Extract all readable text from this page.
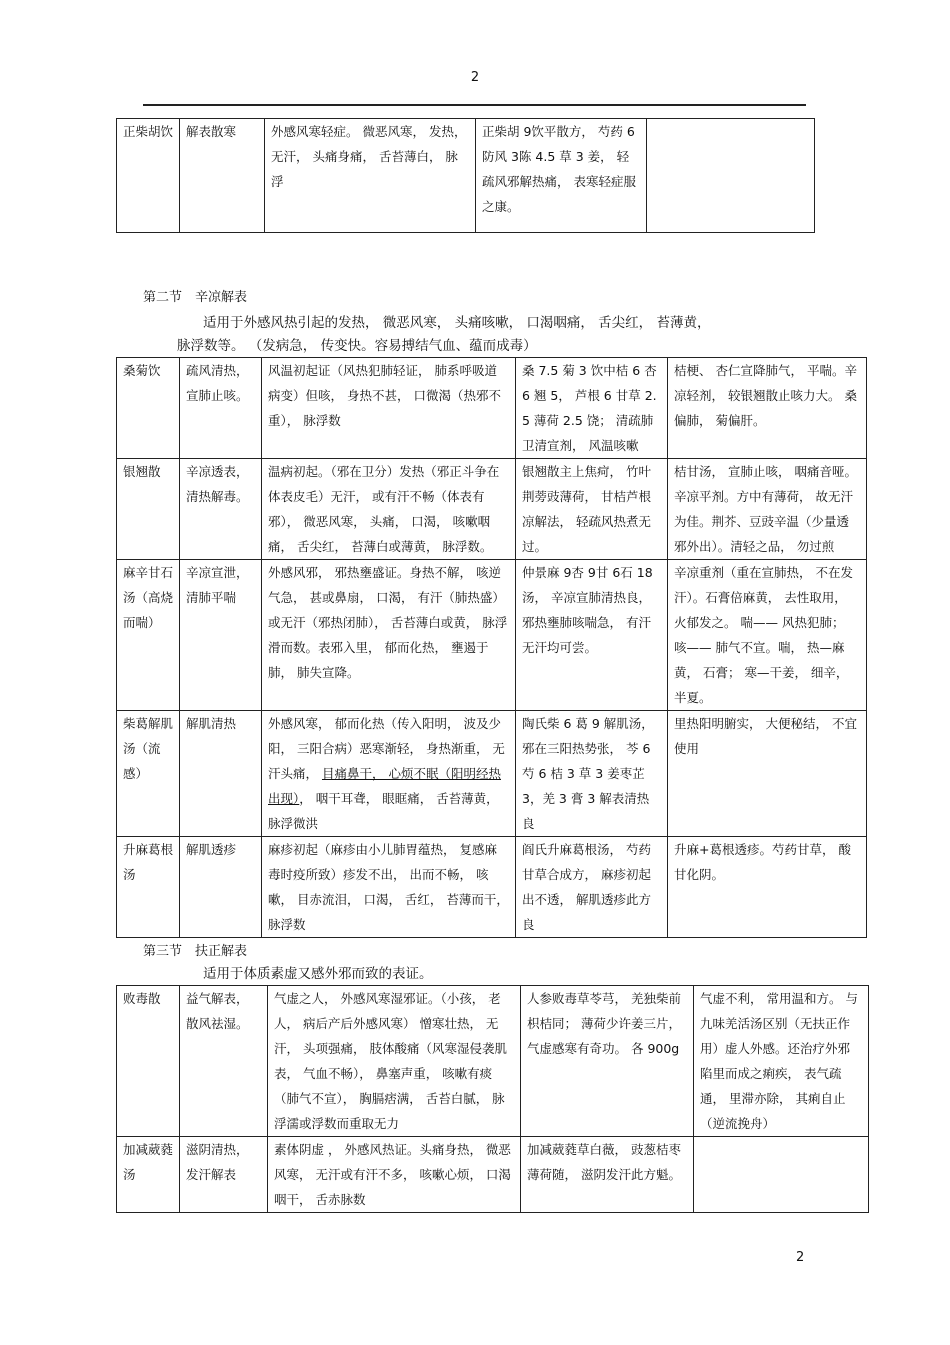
2
正柴胡饮	解表散寒	外感风寒轻症。 微恶风寒， 发热， 无汗， 头痛身痛， 舌苔薄白， 脉浮	正柴胡 9饮平散方， 芍药 6防风 3陈 4.5 草 3 姜， 轻疏风邪解热痛， 表寒轻症服之康。	
第二节　辛凉解表
适用于外感风热引起的发热， 微恶风寒， 头痛咳嗽， 口渴咽痛， 舌尖红， 苔薄黄，
脉浮数等。 （发病急， 传变快。容易搏结气血、蕴而成毒）
桑菊饮	疏风清热， 宣肺止咳。	风温初起证（风热犯肺轻证， 肺系呼吸道病变）但咳， 身热不甚， 口微渴（热邪不重）， 脉浮数	桑 7.5 菊 3 饮中桔 6 杏 6 翘 5， 芦根 6 甘草 2.5 薄荷 2.5 饶； 清疏肺卫清宣剂， 风温咳嗽	桔梗、 杏仁宣降肺气， 平喘。辛凉轻剂， 较银翘散止咳力大。 桑偏肺， 菊偏肝。
银翘散	辛凉透表， 清热解毒。	温病初起。（邪在卫分）发热（邪正斗争在体表皮毛）无汗， 或有汗不畅（体表有邪）， 微恶风寒， 头痛， 口渴， 咳嗽咽痛， 舌尖红， 苔薄白或薄黄， 脉浮数。	银翘散主上焦疴， 竹叶荆蒡豉薄荷， 甘桔芦根凉解法， 轻疏风热煮无过。	桔甘汤， 宣肺止咳， 咽痛音哑。辛凉平剂。方中有薄荷， 故无汗为佳。荆芥、豆豉辛温（少量透邪外出）。清轻之品， 勿过煎
麻辛甘石汤（高烧而喘）	辛凉宣泄， 清肺平喘	外感风邪， 邪热壅盛证。身热不解， 咳逆气急， 甚或鼻扇， 口渴， 有汗（肺热盛）或无汗（邪热闭肺）， 舌苔薄白或黄， 脉浮滑而数。表邪入里， 郁而化热， 壅遏于肺， 肺失宣降。	仲景麻 9杏 9甘 6石 18 汤， 辛凉宣肺清热良， 邪热壅肺咳喘急， 有汗无汗均可尝。	辛凉重剂（重在宣肺热， 不在发汗）。石膏倍麻黄， 去性取用， 火郁发之。 喘—— 风热犯肺； 咳—— 肺气不宣。喘， 热—麻黄， 石膏； 寒—干姜， 细辛， 半夏。
柴葛解肌汤（流感）	解肌清热	外感风寒， 郁而化热（传入阳明， 波及少阳， 三阳合病）恶寒渐轻， 身热渐重， 无汗头痛， 目痛鼻干， 心烦不眠（阳明经热出现）， 咽干耳聋， 眼眶痛， 舌苔薄黄， 脉浮微洪	陶氏柴 6 葛 9 解肌汤， 邪在三阳热势张， 芩 6 芍 6 桔 3 草 3 姜枣芷 3，羌 3 膏 3 解表清热良	里热阳明腑实， 大便秘结， 不宜使用
升麻葛根汤	解肌透疹	麻疹初起（麻疹由小儿肺胃蕴热， 复感麻毒时疫所致）疹发不出， 出而不畅， 咳嗽， 目赤流泪， 口渴， 舌红， 苔薄而干， 脉浮数	阎氏升麻葛根汤， 芍药甘草合成方， 麻疹初起出不透， 解肌透疹此方良	升麻+葛根透疹。芍药甘草， 酸甘化阴。
第三节　扶正解表
适用于体质素虚又感外邪而致的表证。
败毒散	益气解表， 散风祛湿。	气虚之人， 外感风寒湿邪证。（小孩， 老人， 病后产后外感风寒） 憎寒壮热， 无汗， 头项强痛， 肢体酸痛（风寒湿侵袭肌表， 气血不畅）， 鼻塞声重， 咳嗽有痰（肺气不宣）， 胸膈痞满， 舌苔白腻， 脉浮濡或浮数而重取无力	人参败毒草苓芎， 羌独柴前枳桔同； 薄荷少许姜三片， 气虚感寒有奇功。 各 900g	气虚不利， 常用温和方。 与九味羌活汤区别（无扶正作用）虚人外感。还治疗外邪陷里而成之痢疾， 表气疏通， 里滞亦除， 其痢自止（逆流挽舟）
加减葳蕤汤	滋阴清热， 发汗解表	素体阴虚 ， 外感风热证。头痛身热， 微恶风寒， 无汗或有汗不多， 咳嗽心烦， 口渴咽干， 舌赤脉数	加减葳蕤草白薇， 豉葱桔枣薄荷随， 滋阴发汗此方魁。	
2
